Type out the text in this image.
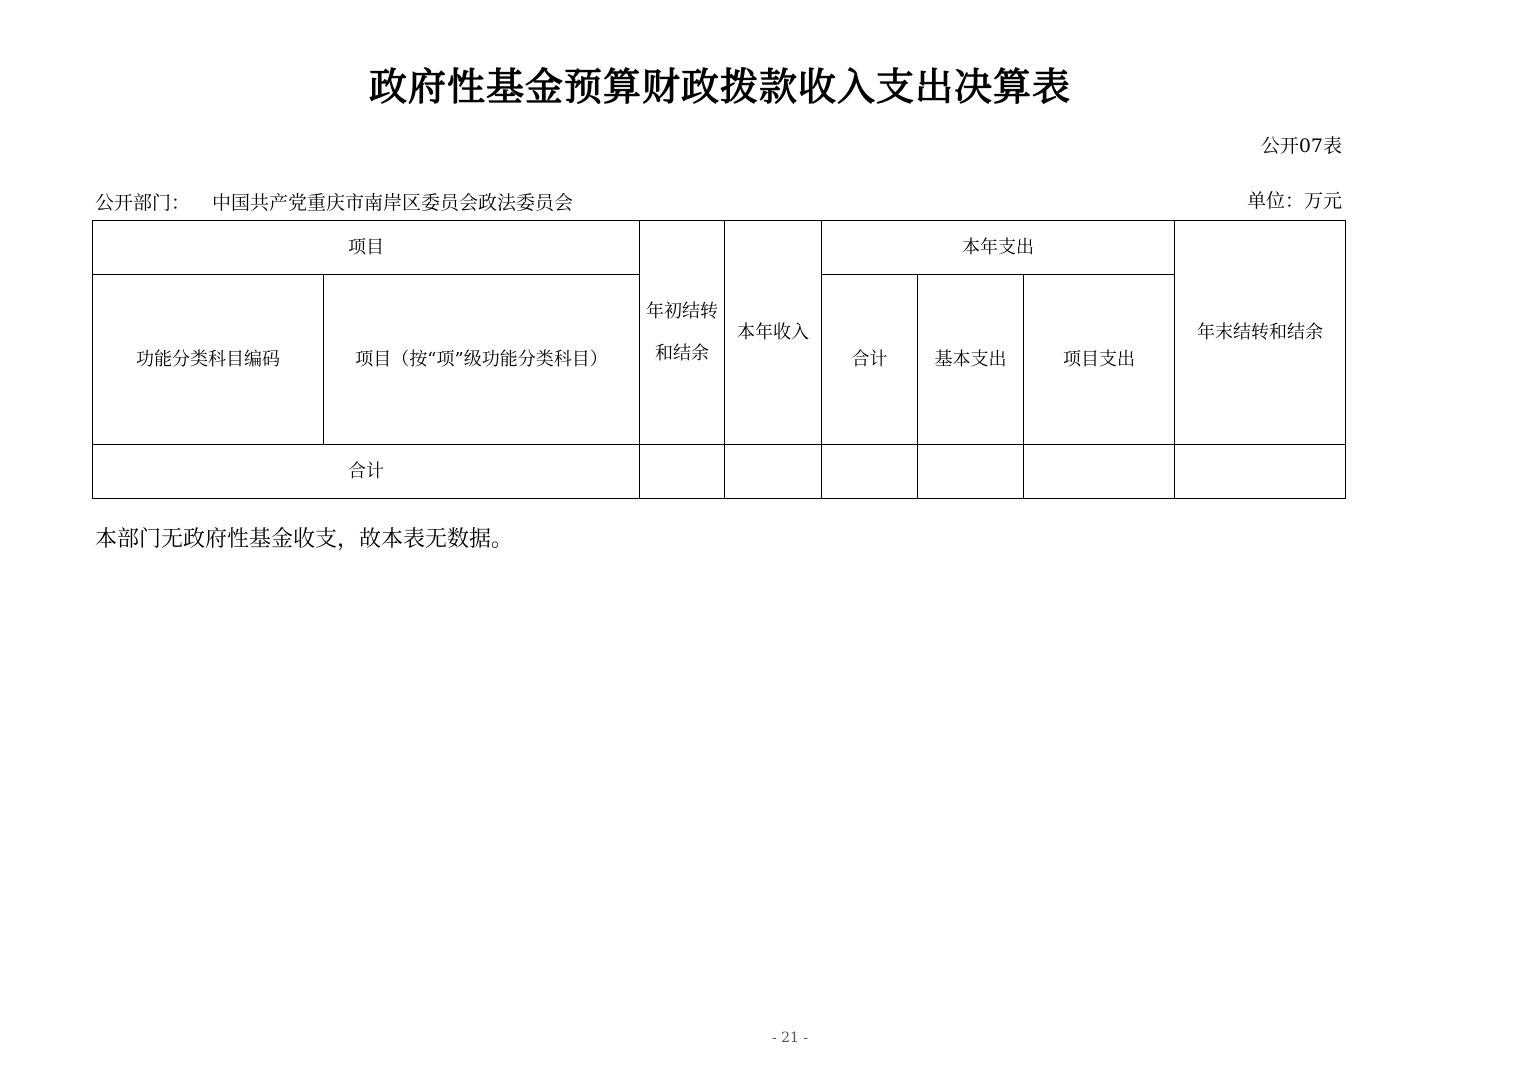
政府性基金预算财政拨款收入支出决算表
公开07表
公开部门： 中国共产党重庆市南岸区委员会政法委员会	单位：万元
项目		年初结转和结余	本年收入	本年支出			年末结转和结余
功能分类科目编码	项目（按“项”级功能分类科目）			合计	基本支出	项目支出	
合计							
本部门无政府性基金收支，故本表无数据。
- 21 -
